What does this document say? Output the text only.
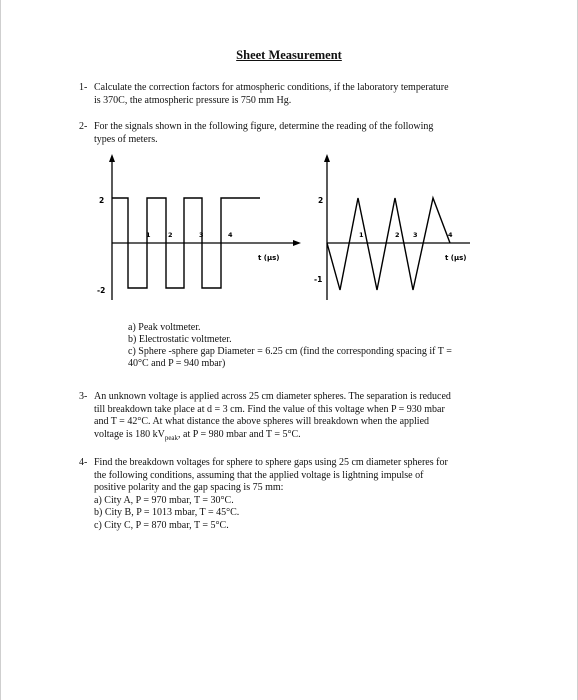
Sheet Measurement
1- Calculate the correction factors for atmospheric conditions, if the laboratory temperature
is 370C, the atmospheric pressure is 750 mm Hg.
2- For the signals shown in the following figure, determine the reading of the following
types of meters.
2
-2
1	2	3	4
t (μs)
2
-1
1	2 3	4
t (μs)
a) Peak voltmeter.
b) Electrostatic voltmeter.
c) Sphere -sphere gap Diameter = 6.25 cm (find the corresponding spacing if T =
40°C and P = 940 mbar)
3- An unknown voltage is applied across 25 cm diameter spheres. The separation is reduced
till breakdown take place at d = 3 cm. Find the value of this voltage when P = 930 mbar
and T = 42°C. At what distance the above spheres will breakdown when the applied
voltage is 180 $kV_{peak}$, at P = 980 mbar and T = 5°C.
4- Find the breakdown voltages for sphere to sphere gaps using 25 cm diameter spheres for
the following conditions, assuming that the applied voltage is lightning impulse of
positive polarity and the gap spacing is 75 mm:
a) City A, P = 970 mbar, T = 30°C.
b) City B, P = 1013 mbar, T = 45°C.
c) City C, P = 870 mbar, T = 5°C.
